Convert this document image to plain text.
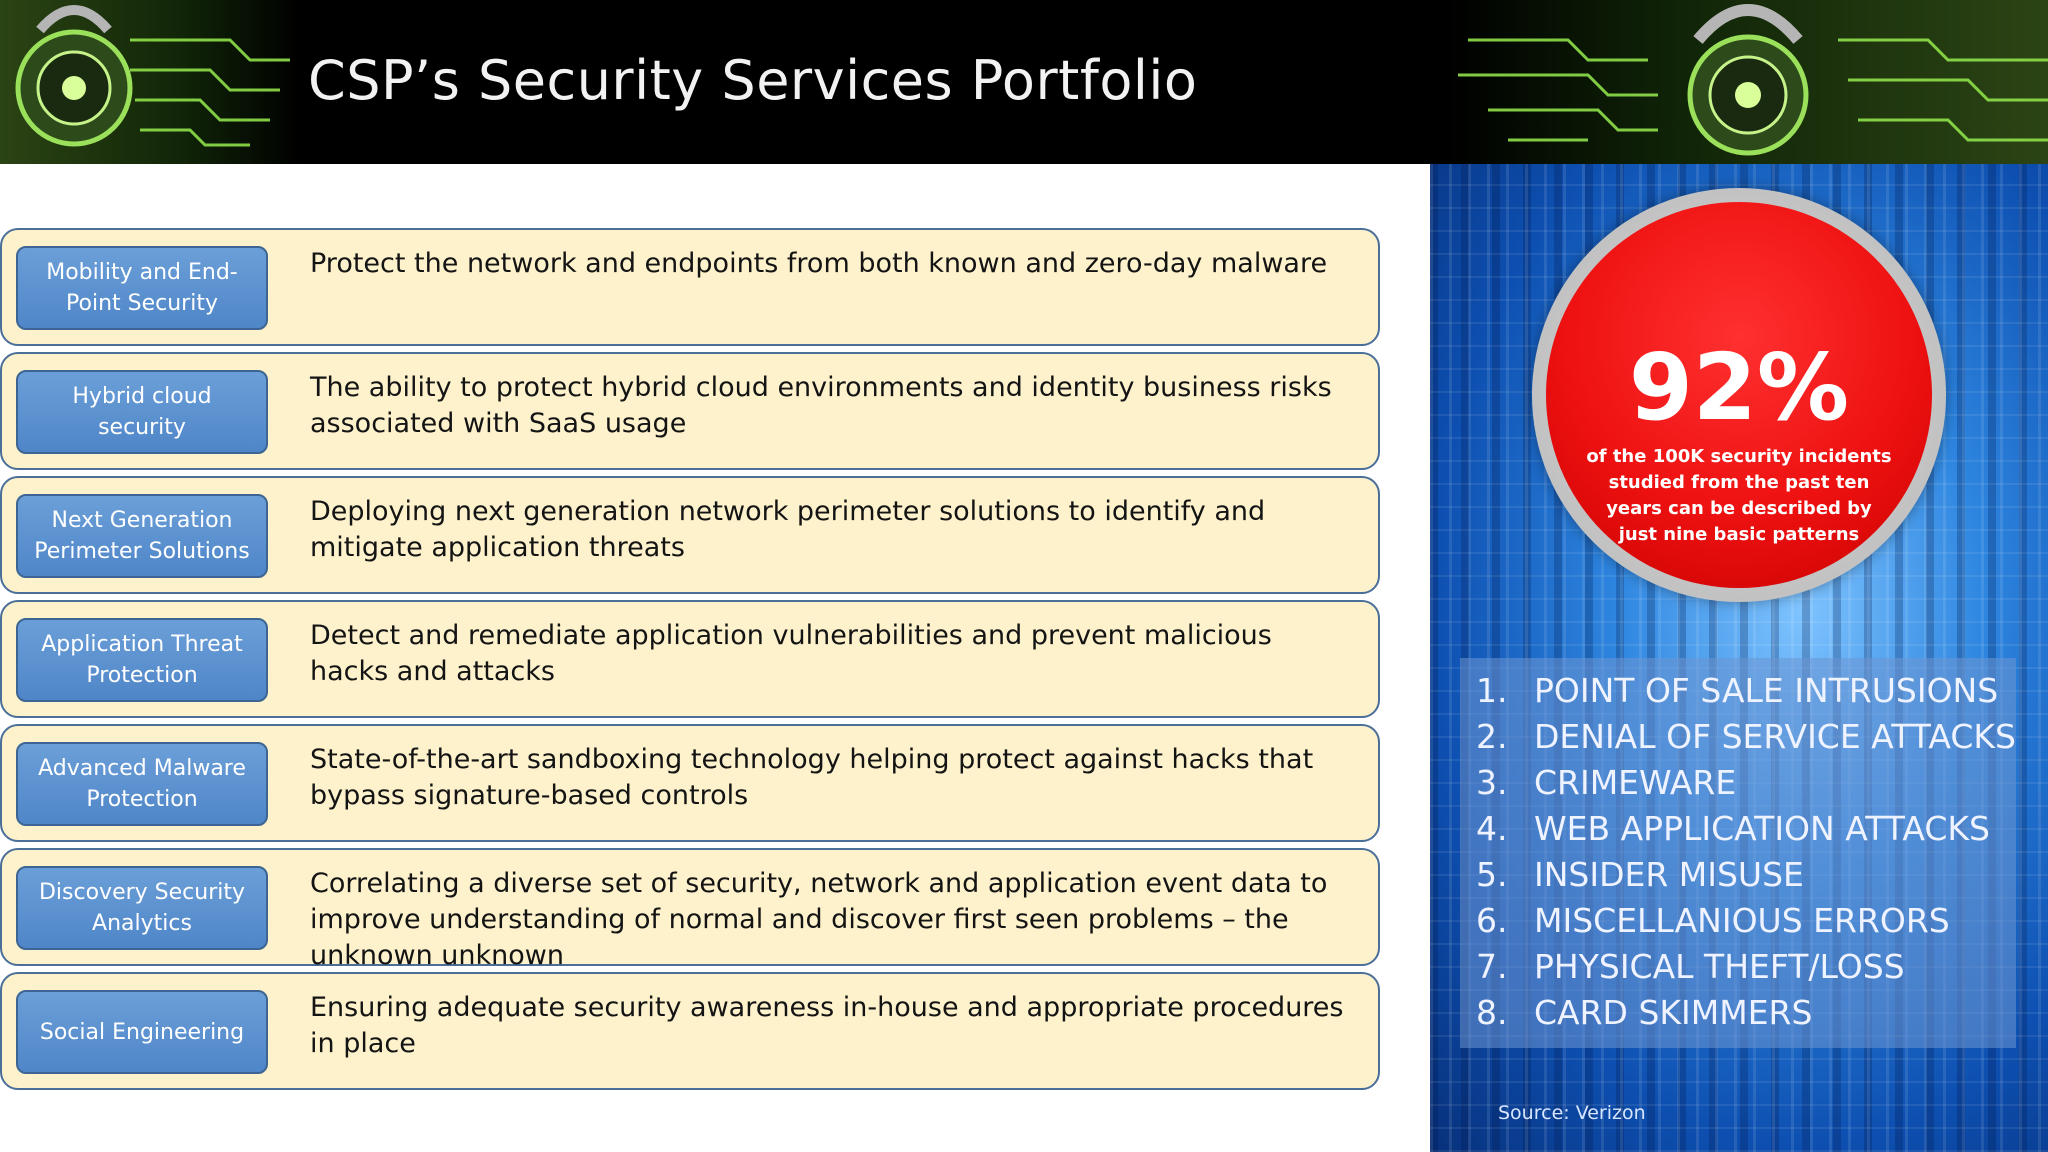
CSP’s Security Services Portfolio
Mobility and End-Point Security
Protect the network and endpoints from both known and zero-day malware
Hybrid cloud security
The ability to protect hybrid cloud environments and identity business risks associated with SaaS usage
Next Generation Perimeter Solutions
Deploying next generation network perimeter solutions to identify and mitigate application threats
Application Threat Protection
Detect and remediate application vulnerabilities and prevent malicious hacks and attacks
Advanced Malware Protection
State-of-the-art sandboxing technology helping protect against hacks that bypass signature-based controls
Discovery Security Analytics
Correlating a diverse set of security, network and application event data to improve understanding of normal and discover first seen problems – the unknown unknown
Social Engineering
Ensuring adequate security awareness in-house and appropriate procedures in place
92%
of the 100K security incidents studied from the past ten years can be described by just nine basic patterns
1. POINT OF SALE INTRUSIONS
2. DENIAL OF SERVICE ATTACKS
3. CRIMEWARE
4. WEB APPLICATION ATTACKS
5. INSIDER MISUSE
6. MISCELLANIOUS ERRORS
7. PHYSICAL THEFT/LOSS
8. CARD SKIMMERS
Source: Verizon
